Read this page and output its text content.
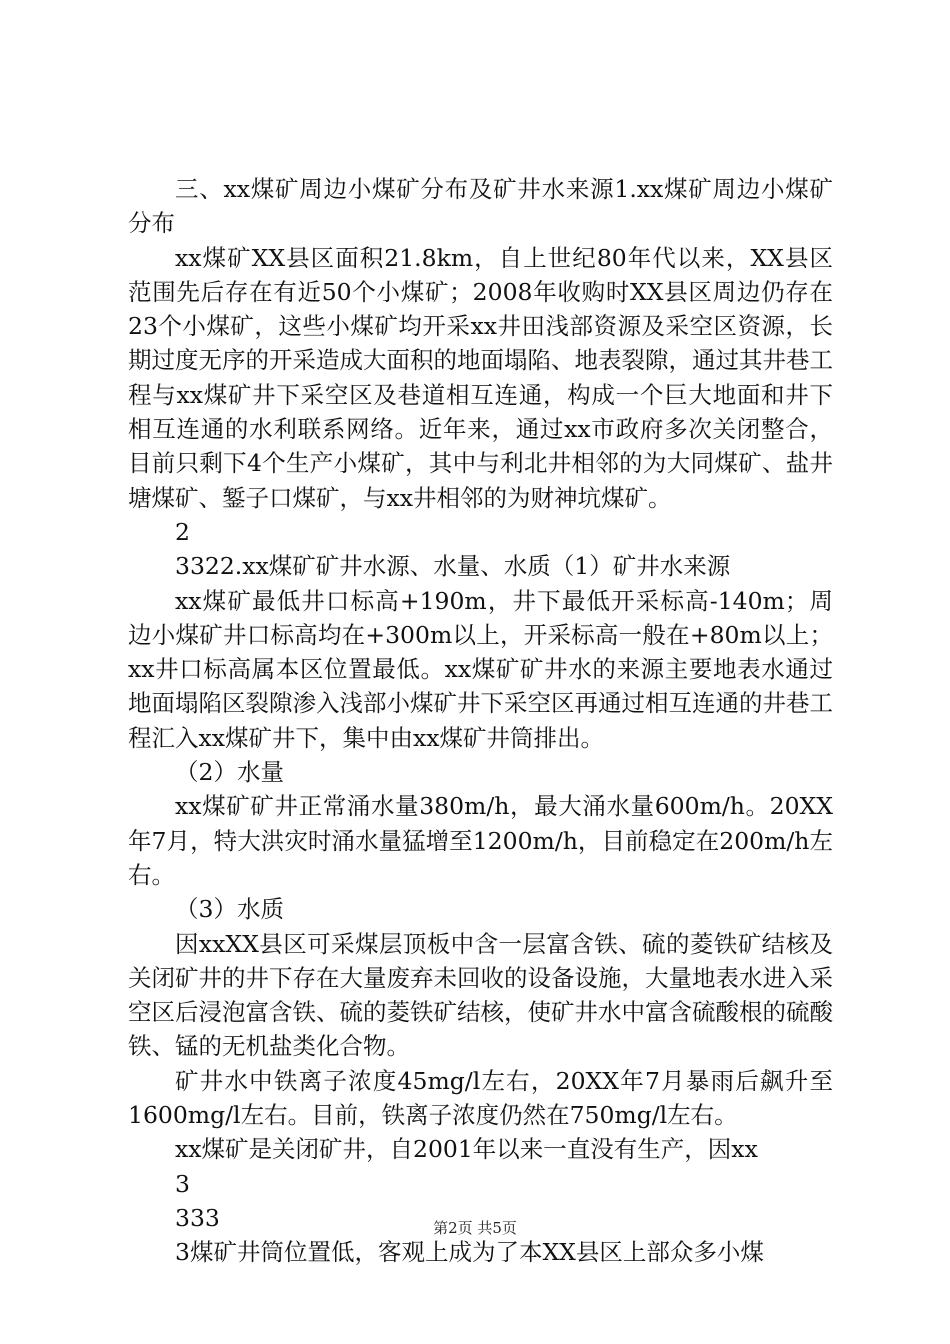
三、xx煤矿周边小煤矿分布及矿井水来源1.xx煤矿周边小煤矿分布

xx煤矿XX县区面积21.8km，自上世纪80年代以来，XX县区范围先后存在有近50个小煤矿；2008年收购时XX县区周边仍存在23个小煤矿，这些小煤矿均开采xx井田浅部资源及采空区资源，长期过度无序的开采造成大面积的地面塌陷、地表裂隙，通过其井巷工程与xx煤矿井下采空区及巷道相互连通，构成一个巨大地面和井下相互连通的水利联系网络。近年来，通过xx市政府多次关闭整合，目前只剩下4个生产小煤矿，其中与利北井相邻的为大同煤矿、盐井塘煤矿、錾子口煤矿，与xx井相邻的为财神坑煤矿。

2

3322.xx煤矿矿井水源、水量、水质（1）矿井水来源

xx煤矿最低井口标高+190m，井下最低开采标高-140m；周边小煤矿井口标高均在+300m以上，开采标高一般在+80m以上；xx井口标高属本区位置最低。xx煤矿矿井水的来源主要地表水通过地面塌陷区裂隙渗入浅部小煤矿井下采空区再通过相互连通的井巷工程汇入xx煤矿井下，集中由xx煤矿井筒排出。

（2）水量

xx煤矿矿井正常涌水量380m/h，最大涌水量600m/h。20XX年7月，特大洪灾时涌水量猛增至1200m/h，目前稳定在200m/h左右。

（3）水质

因xxXX县区可采煤层顶板中含一层富含铁、硫的菱铁矿结核及关闭矿井的井下存在大量废弃未回收的设备设施，大量地表水进入采空区后浸泡富含铁、硫的菱铁矿结核，使矿井水中富含硫酸根的硫酸铁、锰的无机盐类化合物。

矿井水中铁离子浓度45mg/l左右，20XX年7月暴雨后飙升至1600mg/l左右。目前，铁离子浓度仍然在750mg/l左右。

xx煤矿是关闭矿井，自2001年以来一直没有生产，因xx

3

333

3煤矿井筒位置低，客观上成为了本XX县区上部众多小煤

第2页 共5页
